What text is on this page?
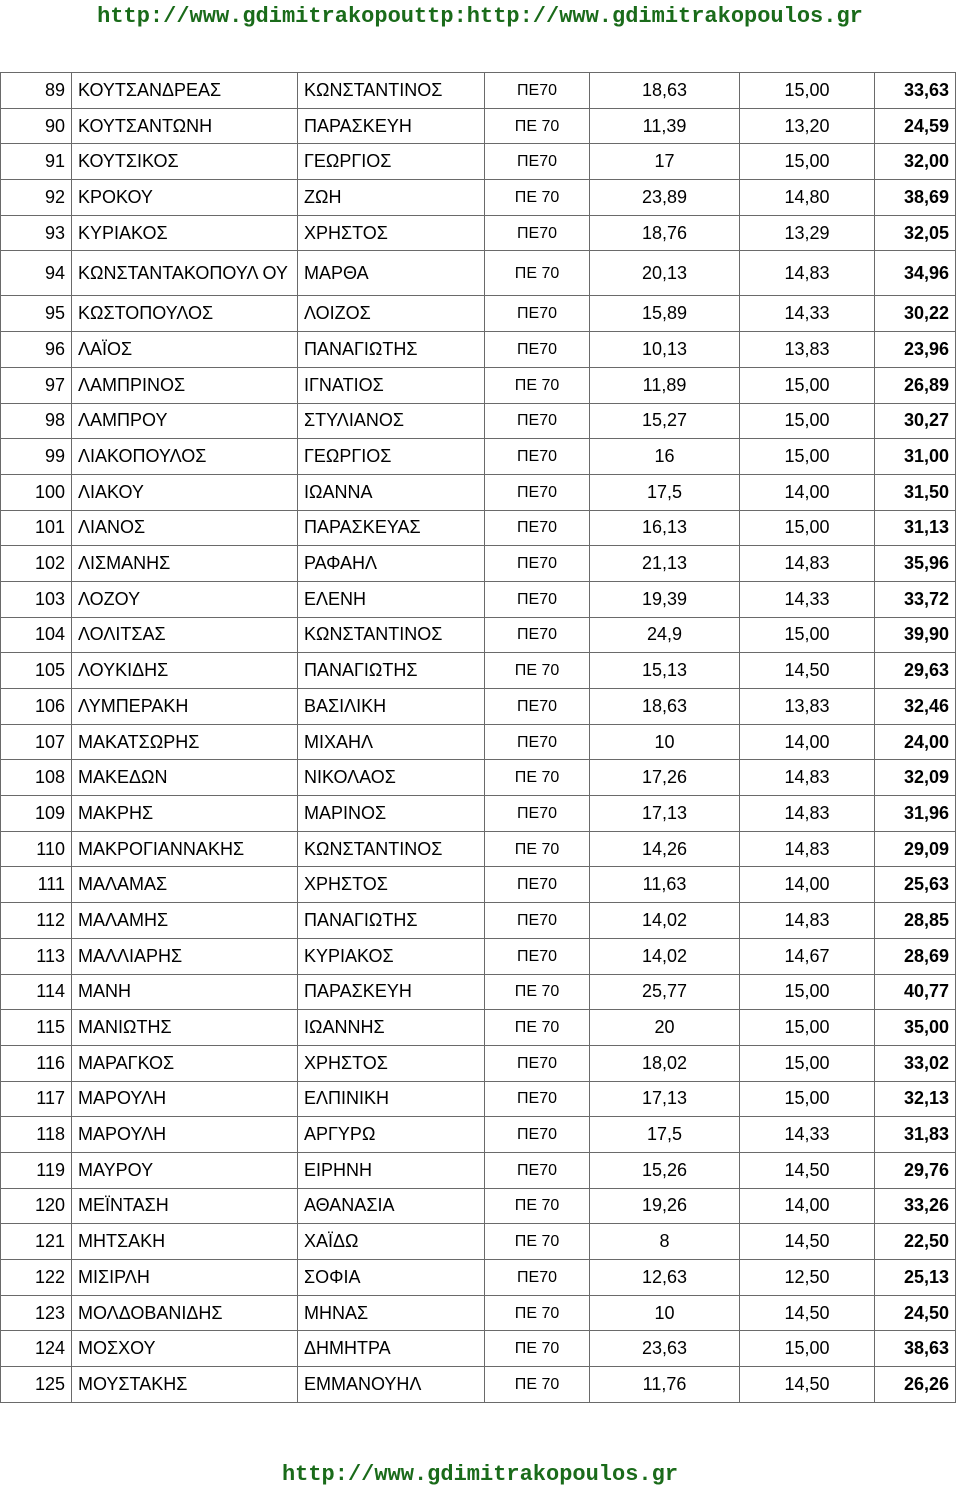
http://www.gdimitrakopouttp:http://www.gdimitrakopoulos.gr
89	ΚΟΥΤΣΑΝΔΡΕΑΣ	ΚΩΝΣΤΑΝΤΙΝΟΣ	ΠΕ70	18,63	15,00	33,63
90	ΚΟΥΤΣΑΝΤΩΝΗ	ΠΑΡΑΣΚΕΥΗ	ΠΕ 70	11,39	13,20	24,59
91	ΚΟΥΤΣΙΚΟΣ	ΓΕΩΡΓΙΟΣ	ΠΕ70	17	15,00	32,00
92	ΚΡΟΚΟΥ	ΖΩΗ	ΠΕ 70	23,89	14,80	38,69
93	ΚΥΡΙΑΚΟΣ	ΧΡΗΣΤΟΣ	ΠΕ70	18,76	13,29	32,05
94	ΚΩΝΣΤΑΝΤΑΚΟΠΟΥΛ ΟΥ	ΜΑΡΘΑ	ΠΕ 70	20,13	14,83	34,96
95	ΚΩΣΤΟΠΟΥΛΟΣ	ΛΟΙΖΟΣ	ΠΕ70	15,89	14,33	30,22
96	ΛΑΪΟΣ	ΠΑΝΑΓΙΩΤΗΣ	ΠΕ70	10,13	13,83	23,96
97	ΛΑΜΠΡΙΝΟΣ	ΙΓΝΑΤΙΟΣ	ΠΕ 70	11,89	15,00	26,89
98	ΛΑΜΠΡΟΥ	ΣΤΥΛΙΑΝΟΣ	ΠΕ70	15,27	15,00	30,27
99	ΛΙΑΚΟΠΟΥΛΟΣ	ΓΕΩΡΓΙΟΣ	ΠΕ70	16	15,00	31,00
100	ΛΙΑΚΟΥ	ΙΩΑΝΝΑ	ΠΕ70	17,5	14,00	31,50
101	ΛΙΑΝΟΣ	ΠΑΡΑΣΚΕΥΑΣ	ΠΕ70	16,13	15,00	31,13
102	ΛΙΣΜΑΝΗΣ	ΡΑΦΑΗΛ	ΠΕ70	21,13	14,83	35,96
103	ΛΟΖΟΥ	ΕΛΕΝΗ	ΠΕ70	19,39	14,33	33,72
104	ΛΟΛΙΤΣΑΣ	ΚΩΝΣΤΑΝΤΙΝΟΣ	ΠΕ70	24,9	15,00	39,90
105	ΛΟΥΚΙΔΗΣ	ΠΑΝΑΓΙΩΤΗΣ	ΠΕ 70	15,13	14,50	29,63
106	ΛΥΜΠΕΡΑΚΗ	ΒΑΣΙΛΙΚΗ	ΠΕ70	18,63	13,83	32,46
107	ΜΑΚΑΤΣΩΡΗΣ	ΜΙΧΑΗΛ	ΠΕ70	10	14,00	24,00
108	ΜΑΚΕΔΩΝ	ΝΙΚΟΛΑΟΣ	ΠΕ 70	17,26	14,83	32,09
109	ΜΑΚΡΗΣ	ΜΑΡΙΝΟΣ	ΠΕ70	17,13	14,83	31,96
110	ΜΑΚΡΟΓΙΑΝΝΑΚΗΣ	ΚΩΝΣΤΑΝΤΙΝΟΣ	ΠΕ 70	14,26	14,83	29,09
111	ΜΑΛΑΜΑΣ	ΧΡΗΣΤΟΣ	ΠΕ70	11,63	14,00	25,63
112	ΜΑΛΑΜΗΣ	ΠΑΝΑΓΙΩΤΗΣ	ΠΕ70	14,02	14,83	28,85
113	ΜΑΛΛΙΑΡΗΣ	ΚΥΡΙΑΚΟΣ	ΠΕ70	14,02	14,67	28,69
114	ΜΑΝΗ	ΠΑΡΑΣΚΕΥΗ	ΠΕ 70	25,77	15,00	40,77
115	ΜΑΝΙΩΤΗΣ	ΙΩΑΝΝΗΣ	ΠΕ 70	20	15,00	35,00
116	ΜΑΡΑΓΚΟΣ	ΧΡΗΣΤΟΣ	ΠΕ70	18,02	15,00	33,02
117	ΜΑΡΟΥΛΗ	ΕΛΠΙΝΙΚΗ	ΠΕ70	17,13	15,00	32,13
118	ΜΑΡΟΥΛΗ	ΑΡΓΥΡΩ	ΠΕ70	17,5	14,33	31,83
119	ΜΑΥΡΟΥ	ΕΙΡΗΝΗ	ΠΕ70	15,26	14,50	29,76
120	ΜΕΪΝΤΑΣΗ	ΑΘΑΝΑΣΙΑ	ΠΕ 70	19,26	14,00	33,26
121	ΜΗΤΣΑΚΗ	ΧΑΪΔΩ	ΠΕ 70	8	14,50	22,50
122	ΜΙΣΙΡΛΗ	ΣΟΦΙΑ	ΠΕ70	12,63	12,50	25,13
123	ΜΟΛΔΟΒΑΝΙΔΗΣ	ΜΗΝΑΣ	ΠΕ 70	10	14,50	24,50
124	ΜΟΣΧΟΥ	ΔΗΜΗΤΡΑ	ΠΕ 70	23,63	15,00	38,63
125	ΜΟΥΣΤΑΚΗΣ	ΕΜΜΑΝΟΥΗΛ	ΠΕ 70	11,76	14,50	26,26
http://www.gdimitrakopoulos.gr
